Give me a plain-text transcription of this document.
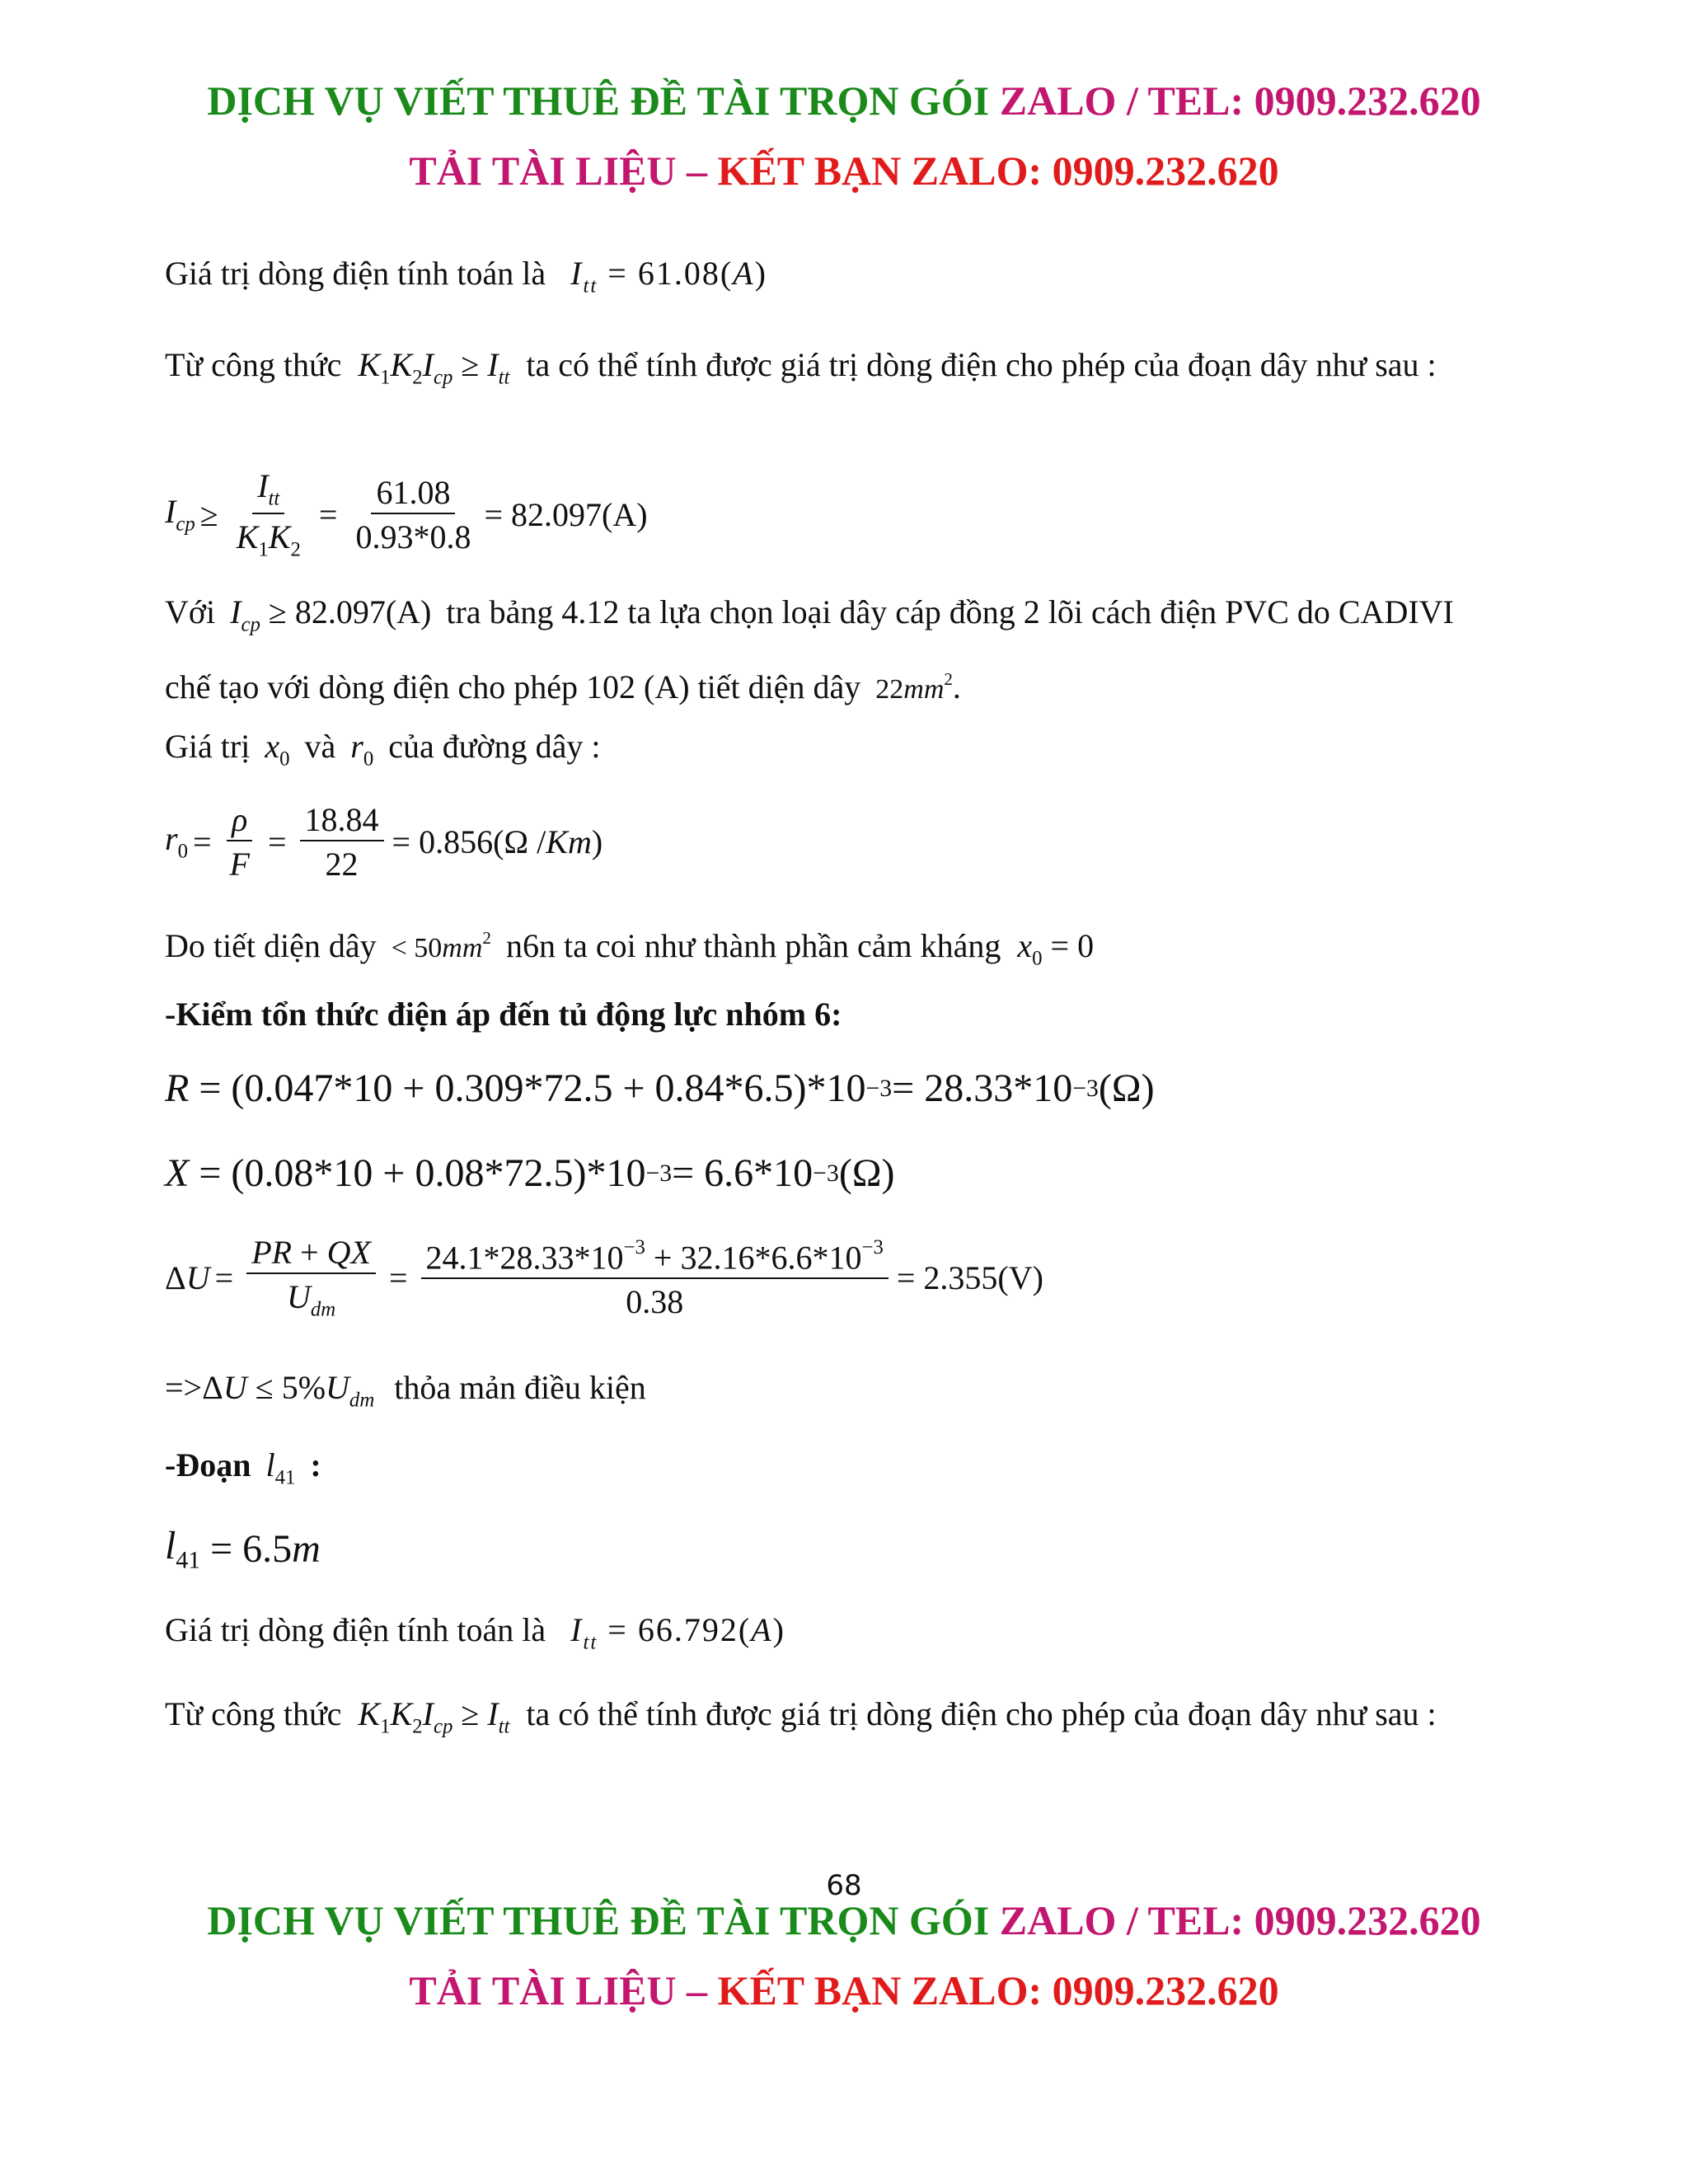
DỊCH VỤ VIẾT THUÊ ĐỀ TÀI TRỌN GÓI ZALO / TEL: 0909.232.620
TẢI TÀI LIỆU – KẾT BẠN ZALO: 0909.232.620
Giá trị dòng điện tính toán là $I_{tt} = 61.08(A)$
Từ công thức $K_1K_2I_{cp} \ge I_{tt}$ ta có thể tính được giá trị dòng điện cho phép của đoạn dây như sau :
$I_{cp} \ge \frac{I_{tt}}{K_1K_2} = \frac{61.08}{0.93*0.8} = 82.097(A)$
Với $I_{cp} \ge 82.097(A)$ tra bảng 4.12 ta lựa chọn loại dây cáp đồng 2 lõi cách điện PVC do CADIVI chế tạo với dòng điện cho phép 102 (A) tiết diện dây $22mm^2$.
Giá trị $x_0$ và $r_0$ của đường dây :
$r_0 = \frac{\rho}{F} = \frac{18.84}{22} = 0.856(\Omega / Km$ )
Do tiết diện dây < $50mm^2$ n6n ta coi như thành phần cảm kháng $x_0 = 0$
-Kiểm tổn thức điện áp đến tủ động lực nhóm 6:
R
= (0.047*10 + 0.309*72.5 + 0.84*6.5)*10 −3 = 28.33*10 −3 (Ω)
X
= (0.08*10 + 0.08*72.5)*10 −3 = 6.6*10 −3 (Ω)
Δ $U = \frac{PR + QX}{U_{dm}} = \frac{24.1*28.33*10^{-3} + 32.16*6.6*10^{-3}}{0.38} = 2.355(V)$
$=>\Delta U \le 5\%U_{dm}$ thỏa mản điều kiện
-Đoạn $l_{41}$ :
$l_{41}$
= 6.5 m
Giá trị dòng điện tính toán là $I_{tt} = 66.792(A)$
Từ công thức $K_1K_2I_{cp} \ge I_{tt}$ ta có thể tính được giá trị dòng điện cho phép của đoạn dây như sau :
68
DỊCH VỤ VIẾT THUÊ ĐỀ TÀI TRỌN GÓI ZALO / TEL: 0909.232.620
TẢI TÀI LIỆU – KẾT BẠN ZALO: 0909.232.620
